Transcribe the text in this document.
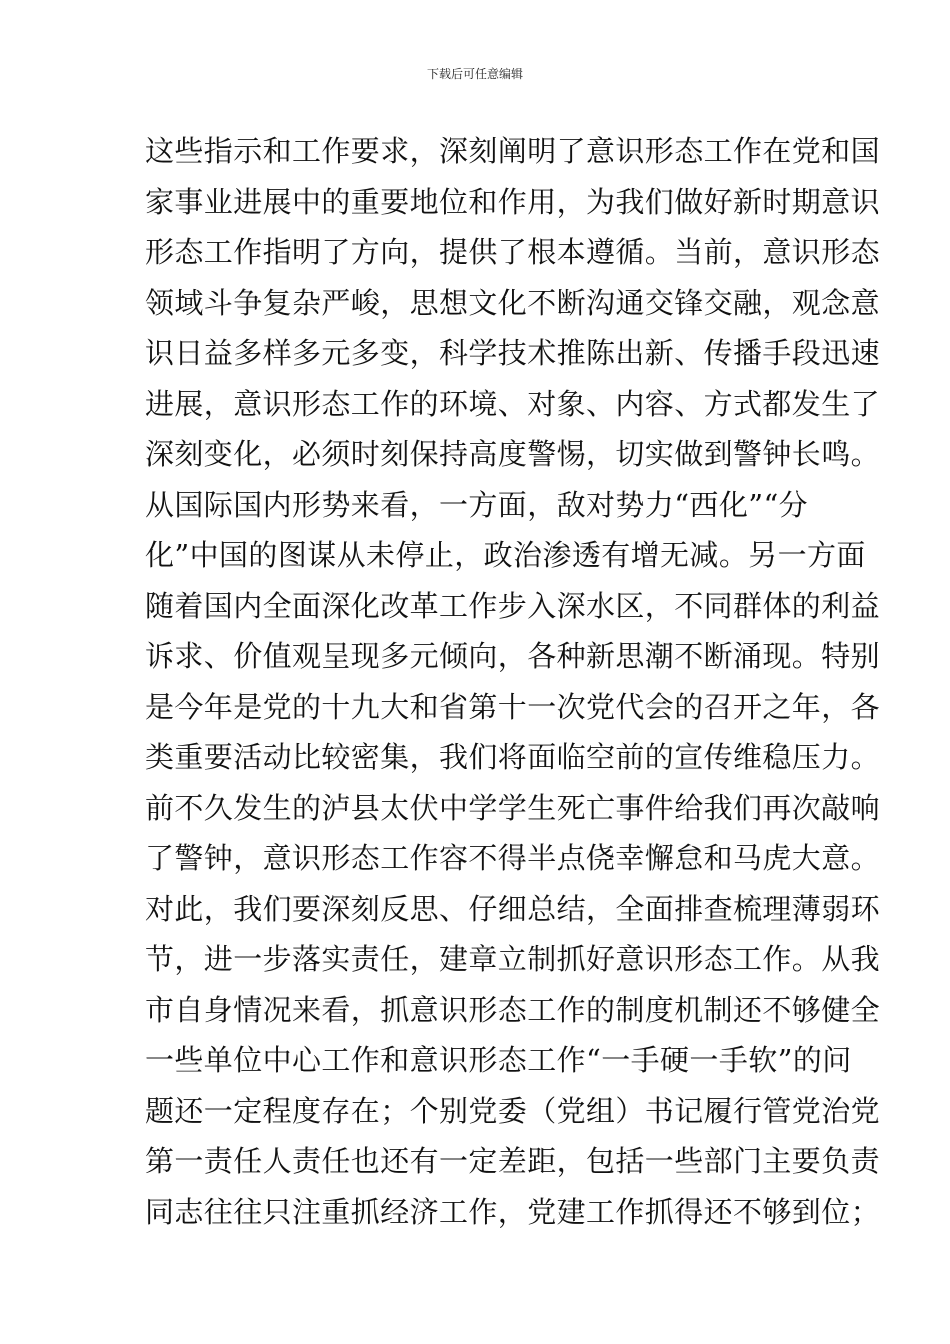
下载后可任意编辑
这些指示和工作要求，深刻阐明了意识形态工作在党和国
家事业进展中的重要地位和作用，为我们做好新时期意识
形态工作指明了方向，提供了根本遵循。当前，意识形态
领域斗争复杂严峻，思想文化不断沟通交锋交融，观念意
识日益多样多元多变，科学技术推陈出新、传播手段迅速
进展，意识形态工作的环境、对象、内容、方式都发生了
深刻变化，必须时刻保持高度警惕，切实做到警钟长鸣。
从国际国内形势来看，一方面，敌对势力“西化”“分
化”中国的图谋从未停止，政治渗透有增无减。另一方面
随着国内全面深化改革工作步入深水区，不同群体的利益
诉求、价值观呈现多元倾向，各种新思潮不断涌现。特别
是今年是党的十九大和省第十一次党代会的召开之年，各
类重要活动比较密集，我们将面临空前的宣传维稳压力。
前不久发生的泸县太伏中学学生死亡事件给我们再次敲响
了警钟，意识形态工作容不得半点侥幸懈怠和马虎大意。
对此，我们要深刻反思、仔细总结，全面排查梳理薄弱环
节，进一步落实责任，建章立制抓好意识形态工作。从我
市自身情况来看，抓意识形态工作的制度机制还不够健全
一些单位中心工作和意识形态工作“一手硬一手软”的问
题还一定程度存在；个别党委（党组）书记履行管党治党
第一责任人责任也还有一定差距，包括一些部门主要负责
同志往往只注重抓经济工作，党建工作抓得还不够到位；
